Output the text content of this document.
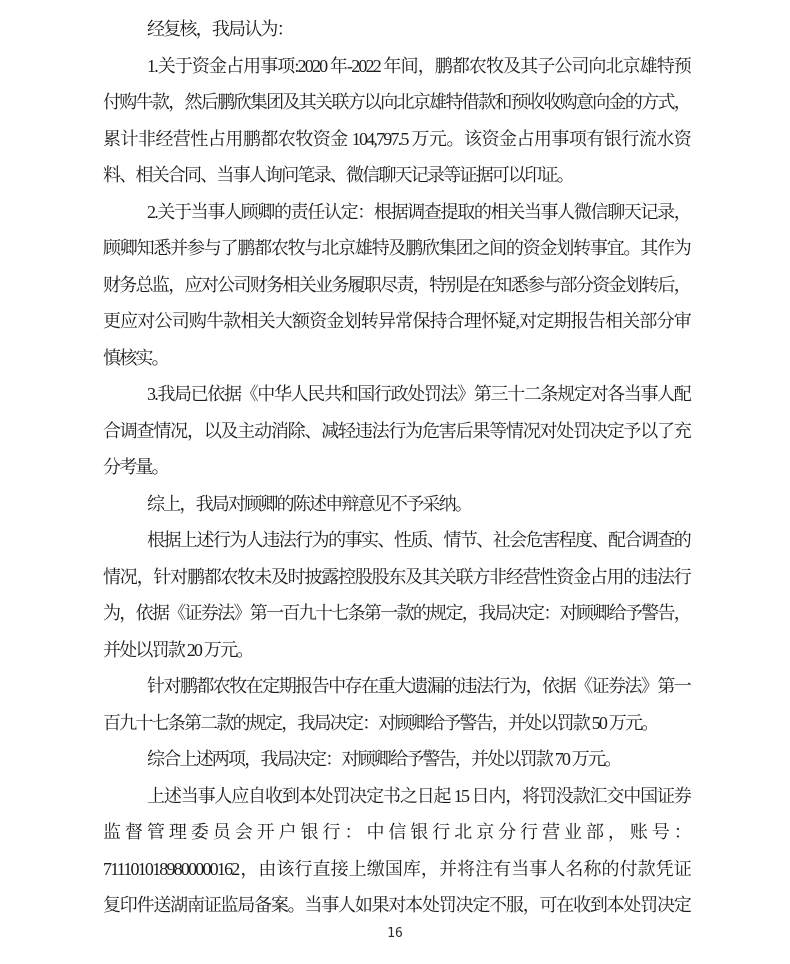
经复核，我局认为：
1.关于资金占用事项:2020 年-2022 年间，鹏都农牧及其子公司向北京雄特预
付购牛款，然后鹏欣集团及其关联方以向北京雄特借款和预收收购意向金的方式，
累计非经营性占用鹏都农牧资金 104,797.5 万元。该资金占用事项有银行流水资
料、相关合同、当事人询问笔录、微信聊天记录等证据可以印证。
2.关于当事人顾卿的责任认定：根据调查提取的相关当事人微信聊天记录，
顾卿知悉并参与了鹏都农牧与北京雄特及鹏欣集团之间的资金划转事宜。其作为
财务总监，应对公司财务相关业务履职尽责，特别是在知悉参与部分资金划转后，
更应对公司购牛款相关大额资金划转异常保持合理怀疑,对定期报告相关部分审
慎核实。
3.我局已依据《中华人民共和国行政处罚法》第三十二条规定对各当事人配
合调查情况，以及主动消除、减轻违法行为危害后果等情况对处罚决定予以了充
分考量。
综上，我局对顾卿的陈述申辩意见不予采纳。
根据上述行为人违法行为的事实、性质、情节、社会危害程度、配合调查的
情况，针对鹏都农牧未及时披露控股股东及其关联方非经营性资金占用的违法行
为，依据《证券法》第一百九十七条第一款的规定，我局决定：对顾卿给予警告，
并处以罚款 20 万元。
针对鹏都农牧在定期报告中存在重大遗漏的违法行为，依据《证券法》第一
百九十七条第二款的规定，我局决定：对顾卿给予警告，并处以罚款 50 万元。
综合上述两项，我局决定：对顾卿给予警告，并处以罚款 70 万元。
上述当事人应自收到本处罚决定书之日起 15 日内，将罚没款汇交中国证券
监督管理委员会开户银行：中信银行北京分行营业部，账号：
7111010189800000162，由该行直接上缴国库，并将注有当事人名称的付款凭证
复印件送湖南证监局备案。当事人如果对本处罚决定不服，可在收到本处罚决定
16
